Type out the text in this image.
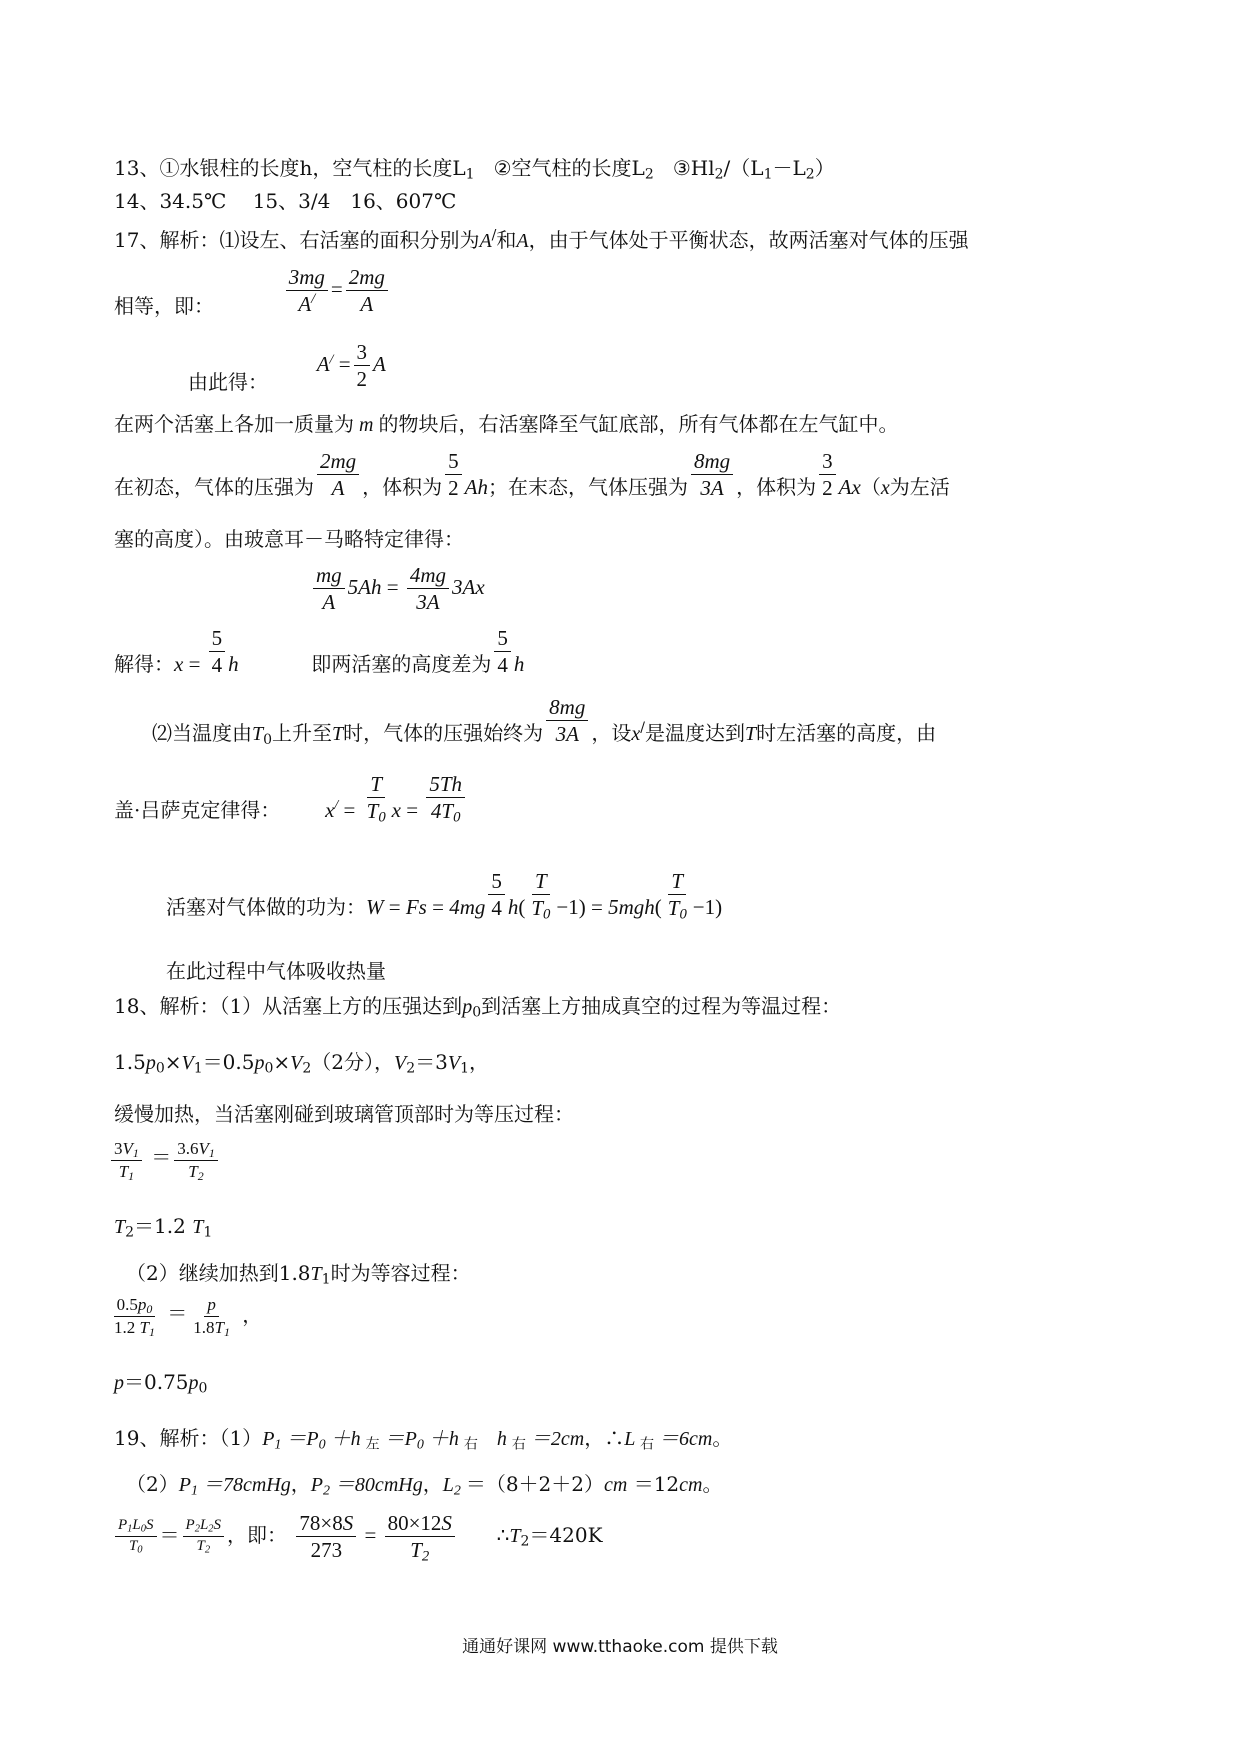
13、①水银柱的长度h，空气柱的长度$L_1$ ②空气柱的长度$L_2$ $③Hl_2/(L_1-L_2)$
14、34.5℃　 15、3/4　16、607℃
17、解析：⑴设左、右活塞的面积分别为A/和A，由于气体处于平衡状态，故两活塞对气体的压强
相等，即：	$\frac{3mg}{A^/} = \frac{2mg}{A}$
由此得：  $A^/ = \frac{3}{2}$ A
在两个活塞上各加一质量为 m 的物块后，右活塞降至气缸底部，所有气体都在左气缸中。
在初态，气体的压强为 $\frac{2mg}{A}$ ，体积为 $\frac{5}{2}$ Ah；在末态，气体压强为 $\frac{8mg}{3A}$ ，体积为 $\frac{3}{2} Ax(x$为左活
塞的高度）。由玻意耳－马略特定律得：
$\frac{mg}{A} 5Ah = \frac{4mg}{3A} 3Ax$
解得：$x = \frac{5}{4}$ h	即两活塞的高度差为 $\frac{5}{4}$ h
⑵当温度由$T_0$上升至T时，气体的压强始终为 $\frac{8mg}{3A}$ ，设x/是温度达到T时左活塞的高度，由
盖·吕萨克定律得： $x^/ = \frac{T}{T_0}$ $x = \frac{5Th}{4T_0}$
活塞对气体做的功为：$W = Fs = 4mg \frac{5}{4} h( \frac{T}{T_0} -1) = 5mgh( \frac{T}{T_0} -1)$
在此过程中气体吸收热量
18、解析：（1）从活塞上方的压强达到$p_0$到活塞上方抽成真空的过程为等温过程：
$1.5p_0\times V_1=0.5p_0\times V_2(2$分），$V_2=3V_1$，
缓慢加热，当活塞刚碰到玻璃管顶部时为等压过程：
$\frac{3V_1}{T_1} = \frac{3.6V_1}{T_2}$
$T_2=1.2$ $T_1$
（2）继续加热到$1.8T_1$时为等容过程：
$\frac{0.5p_0}{1.2 T_1} = \frac{p}{1.8T_1}$ ，
$p=0.75p_0$
19、解析：$(1)P_1 =P_0 +h$ $_左 =P_0 +h$ $_右$ h $_右$ ＝2cm，∴L $_右$ ＝6cm。
$(2)P_1$ ＝78cmHg，$P_2$ ＝80cmHg，$L_2 =(8+2+2)cm =12cm$。
$\frac{P_1L_0S}{T_0} = \frac{P_2L_2S}{T_2}$ ，即： $\frac{78\times 8S}{273} = \frac{80\times 12S}{T_2}$ $\therefore T_2=420K$
通通好课网 www.tthaoke.com 提供下载
